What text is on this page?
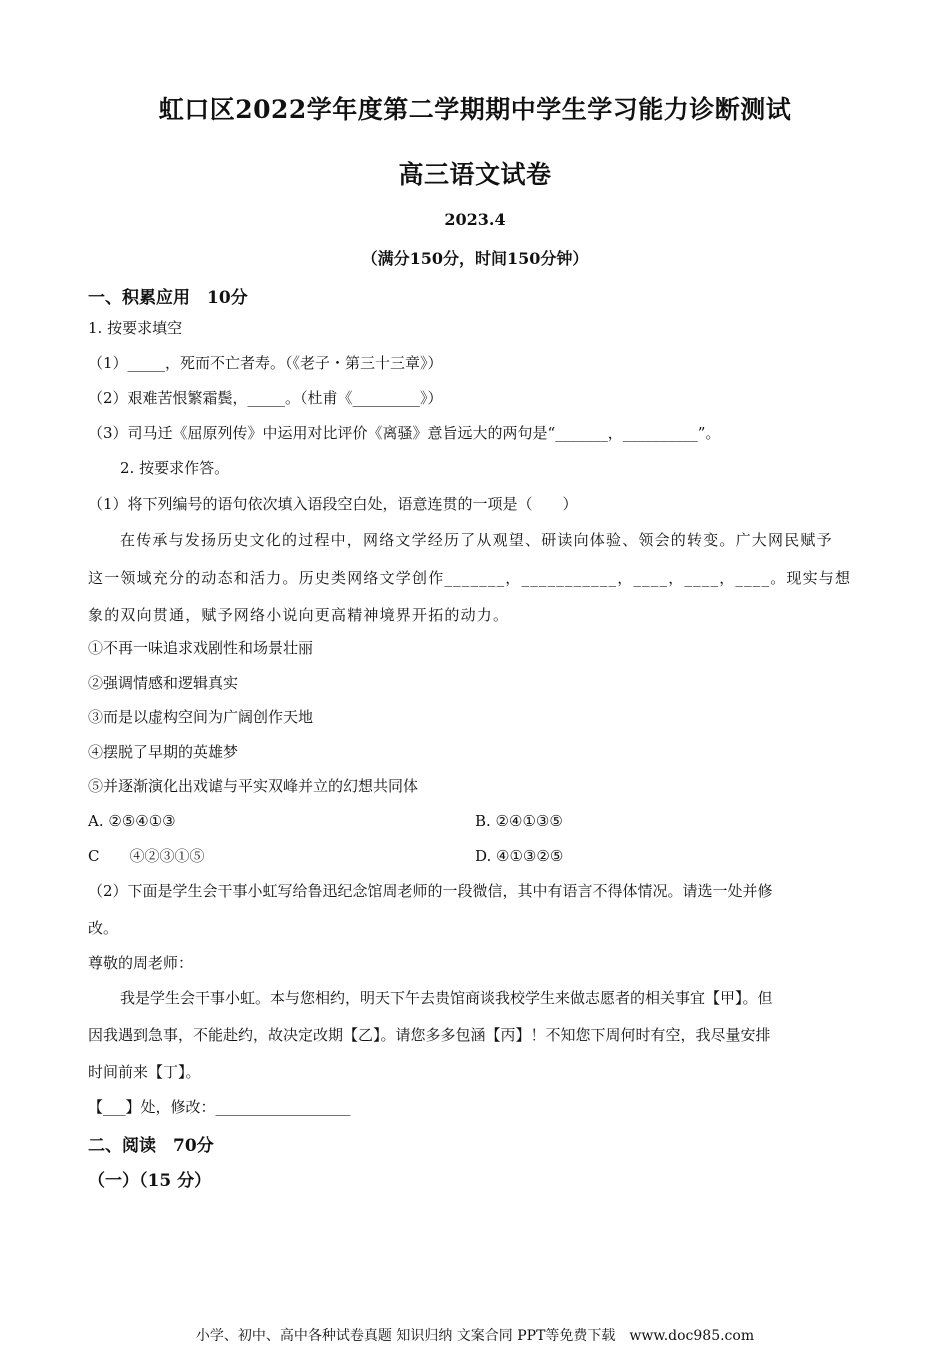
虹口区2022学年度第二学期期中学生学习能力诊断测试
高三语文试卷
2023.4
（满分150分，时间150分钟）
一、积累应用　10分
1. 按要求填空
（1）_____，死而不亡者寿。（《老子・第三十三章》）
（2）艰难苦恨繁霜鬓，_____。（杜甫《_________》）
（3）司马迁《屈原列传》中运用对比评价《离骚》意旨远大的两句是“_______，__________”。
2. 按要求作答。
（1）将下列编号的语句依次填入语段空白处，语意连贯的一项是（　　）
在传承与发扬历史文化的过程中，网络文学经历了从观望、研读向体验、领会的转变。广大网民赋予
这一领域充分的动态和活力。历史类网络文学创作_______，___________，____，____，____。现实与想
象的双向贯通，赋予网络小说向更高精神境界开拓的动力。
①不再一味追求戏剧性和场景壮丽
②强调情感和逻辑真实
③而是以虚构空间为广阔创作天地
④摆脱了早期的英雄梦
⑤并逐渐演化出戏谑与平实双峰并立的幻想共同体
A. ②⑤④①③	B. ②④①③⑤
C　　④②③①⑤	D. ④①③②⑤
（2）下面是学生会干事小虹写给鲁迅纪念馆周老师的一段微信，其中有语言不得体情况。请选一处并修
改。
尊敬的周老师：
我是学生会干事小虹。本与您相约，明天下午去贵馆商谈我校学生来做志愿者的相关事宜【甲】。但
因我遇到急事，不能赴约，故决定改期【乙】。请您多多包涵【丙】！不知您下周何时有空，我尽量安排
时间前来【丁】。
【___】处，修改：__________________
二、阅读　70分
（一）（15 分）
小学、初中、高中各种试卷真题 知识归纳 文案合同 PPT等免费下载　www.doc985.com
